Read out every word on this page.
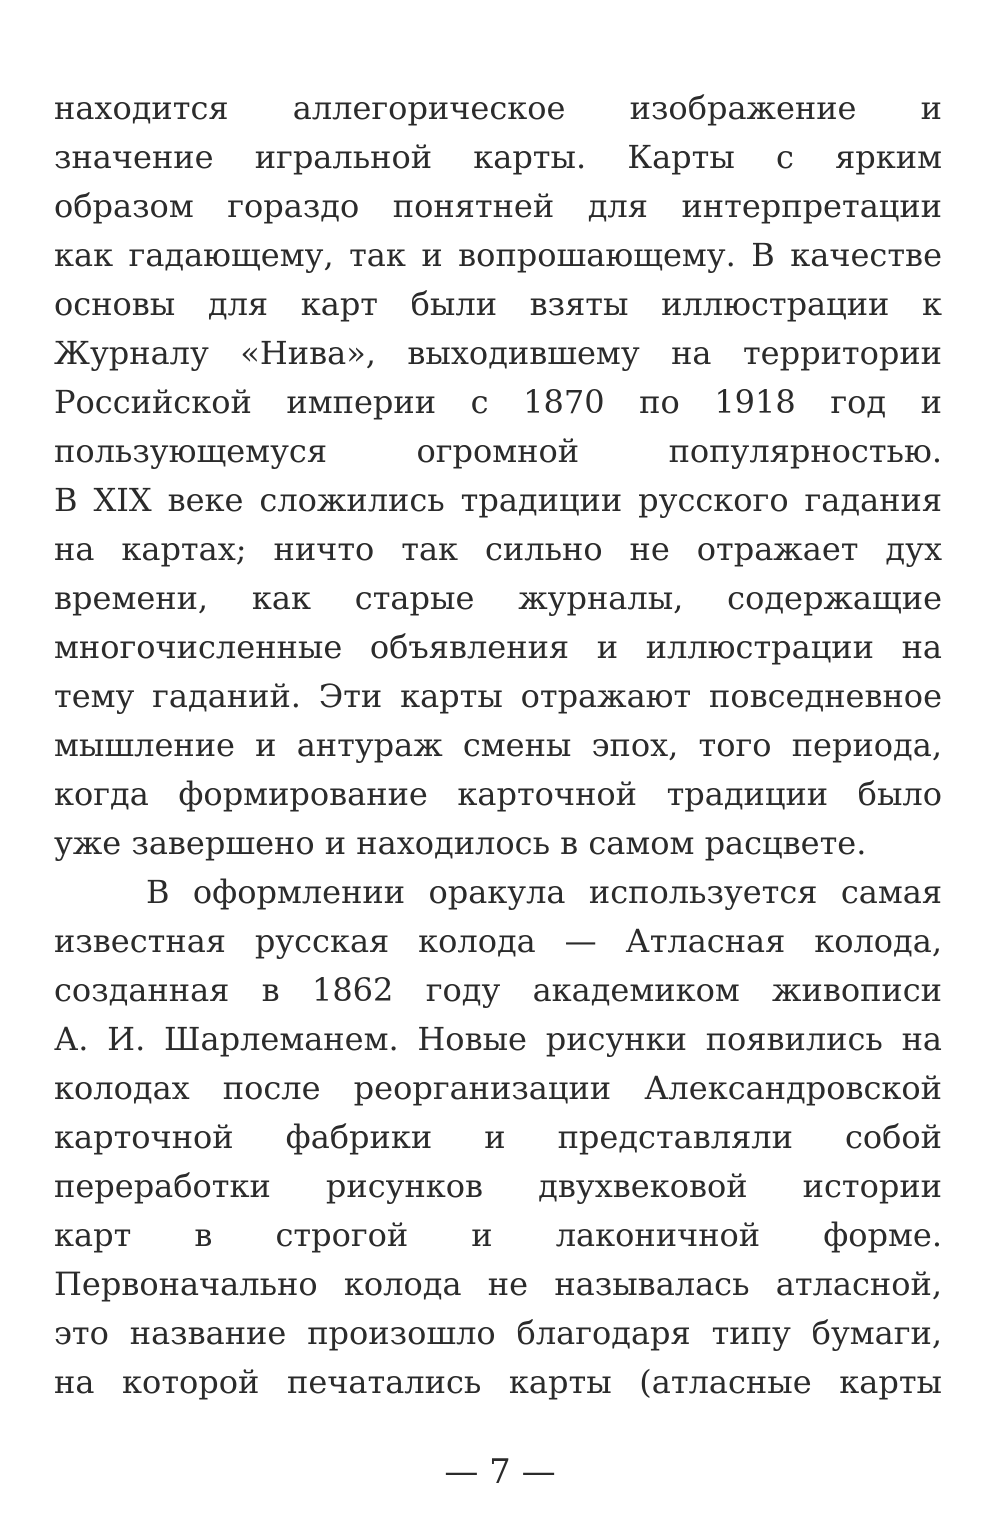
находится аллегорическое изображение и
значение игральной карты. Карты с ярким
образом гораздо понятней для интерпретации
как гадающему, так и вопрошающему. В качестве
основы для карт были взяты иллюстрации к
Журналу «Нива», выходившему на территории
Российской империи с 1870 по 1918 год и
пользующемуся огромной популярностью.
В XIX веке сложились традиции русского гадания
на картах; ничто так сильно не отражает дух
времени, как старые журналы, содержащие
многочисленные объявления и иллюстрации на
тему гаданий. Эти карты отражают повседневное
мышление и антураж смены эпох, того периода,
когда формирование карточной традиции было
уже завершено и находилось в самом расцвете.
В оформлении оракула используется самая
известная русская колода — Атласная колода,
созданная в 1862 году академиком живописи
А. И. Шарлеманем. Новые рисунки появились на
колодах после реорганизации Александровской
карточной фабрики и представляли собой
переработки рисунков двухвековой истории
карт в строгой и лаконичной форме.
Первоначально колода не называлась атласной,
это название произошло благодаря типу бумаги,
на которой печатались карты (атласные карты
— 7 —
